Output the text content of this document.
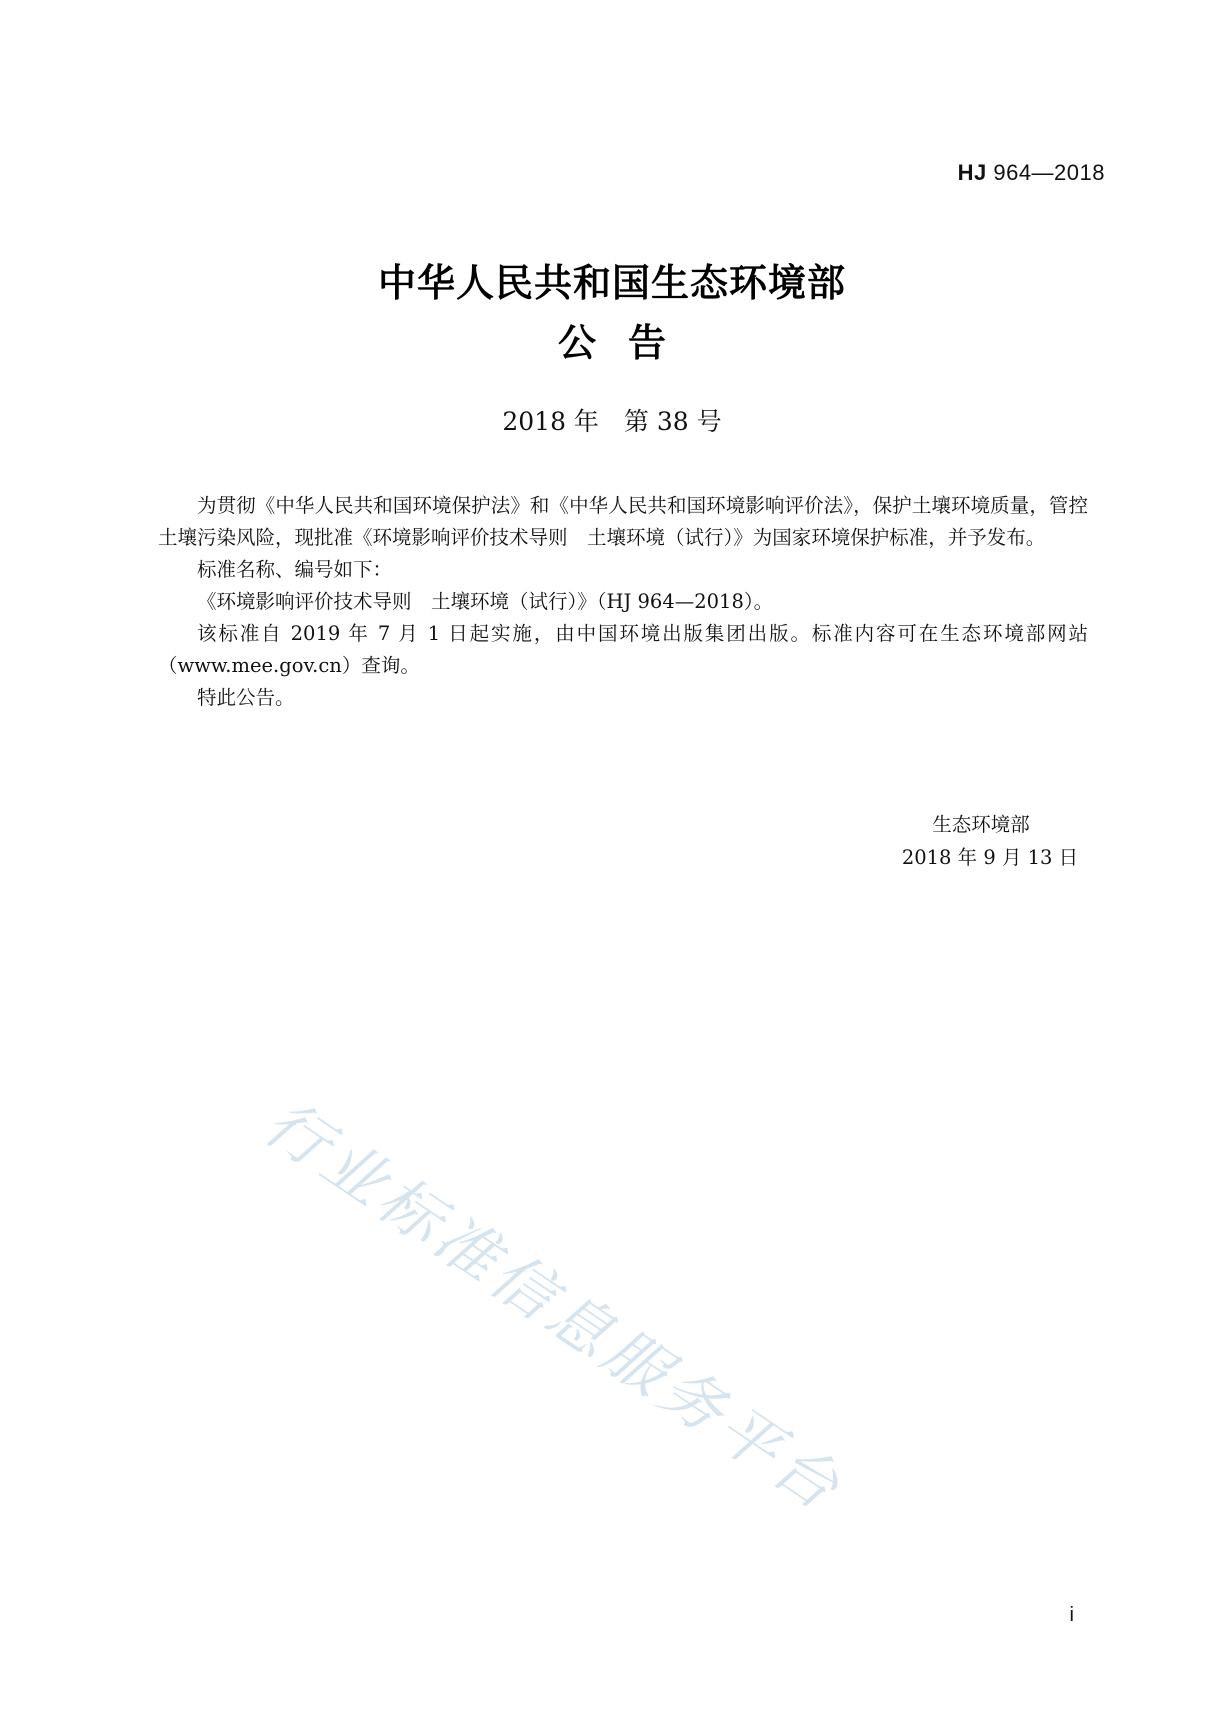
HJ 964—2018
中华人民共和国生态环境部
公告
2018 年　第 38 号

为贯彻《中华人民共和国环境保护法》和《中华人民共和国环境影响评价法》，保护土壤环境质量，管控土壤污染风险，现批准《环境影响评价技术导则　土壤环境（试行）》为国家环境保护标准，并予发布。

标准名称、编号如下：

《环境影响评价技术导则　土壤环境（试行）》（HJ 964—2018）。

该标准自 2019 年 7 月 1 日起实施，由中国环境出版集团出版。标准内容可在生态环境部网站（www.mee.gov.cn）查询。

特此公告。

生态环境部
2018 年 9 月 13 日
行业标准信息服务平台
i
